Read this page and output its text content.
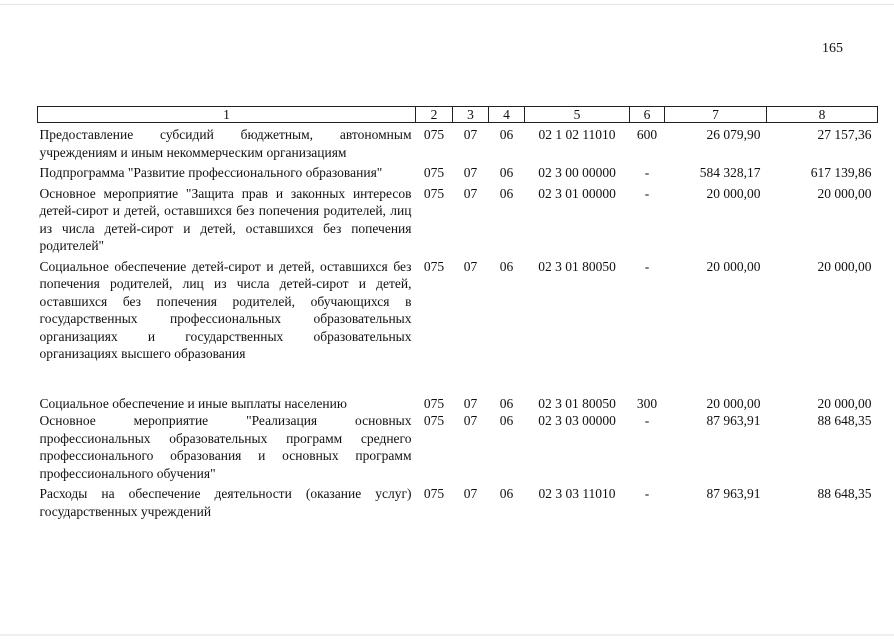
165
1	2	3	4	5	6	7	8
Предоставление субсидий бюджетным, автономным учреждениям и иным некоммерческим организациям	075	07	06	02 1 02 11010	600	26 079,90	27 157,36
Подпрограмма "Развитие профессионального образования"	075	07	06	02 3 00 00000	-	584 328,17	617 139,86
Основное мероприятие "Защита прав и законных интересов детей-сирот и детей, оставшихся без попечения родителей, лиц из числа детей-сирот и детей, оставшихся без попечения родителей"	075	07	06	02 3 01 00000	-	20 000,00	20 000,00
Социальное обеспечение детей-сирот и детей, оставшихся без попечения родителей, лиц из числа детей-сирот и детей, оставшихся без попечения родителей, обучающихся в государственных профессиональных образовательных организациях и государственных образовательных организациях высшего образования	075	07	06	02 3 01 80050	-	20 000,00	20 000,00

Социальное обеспечение и иные выплаты населению	075	07	06	02 3 01 80050	300	20 000,00	20 000,00
Основное мероприятие "Реализация основных профессиональных образовательных программ среднего профессионального образования и основных программ профессионального обучения"	075	07	06	02 3 03 00000	-	87 963,91	88 648,35
Расходы на обеспечение деятельности (оказание услуг) государственных учреждений	075	07	06	02 3 03 11010	-	87 963,91	88 648,35
